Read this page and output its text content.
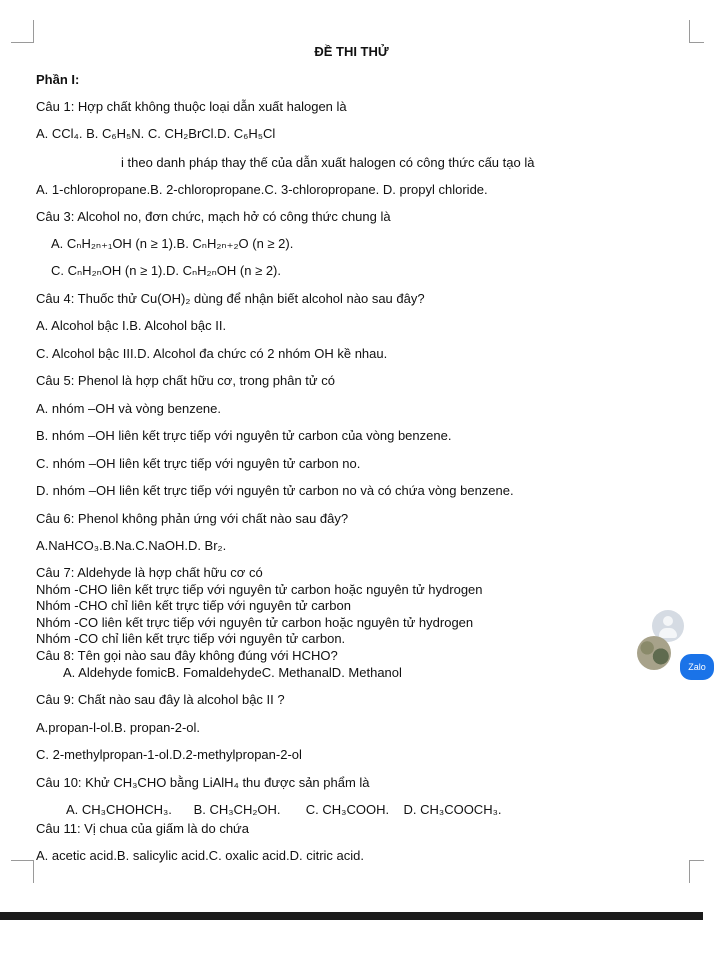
ĐỀ THI THỬ
Phần I:
Câu 1: Hợp chất không thuộc loại dẫn xuất halogen là
A. CCl₄. B. C₆H₅N. C. CH₂BrCl.D. C₆H₅Cl
i theo danh pháp thay thế của dẫn xuất halogen có công thức cấu tạo là
A. 1-chloropropane.B. 2-chloropropane.C. 3-chloropropane. D. propyl chloride.
Câu 3: Alcohol no, đơn chức, mạch hở có công thức chung là
A. CₙH₂ₙ₊₁OH (n ≥ 1).B. CₙH₂ₙ₊₂O (n ≥ 2).
C. CₙH₂ₙOH (n ≥ 1).D. CₙH₂ₙOH (n ≥ 2).
Câu 4: Thuốc thử Cu(OH)₂ dùng để nhận biết alcohol nào sau đây?
A. Alcohol bậc I.B. Alcohol bậc II.
C. Alcohol bậc III.D. Alcohol đa chức có 2 nhóm OH kề nhau.
Câu 5: Phenol là hợp chất hữu cơ, trong phân tử có
A. nhóm –OH và vòng benzene.
B. nhóm –OH liên kết trực tiếp với nguyên tử carbon của vòng benzene.
C. nhóm –OH liên kết trực tiếp với nguyên tử carbon no.
D. nhóm –OH liên kết trực tiếp với nguyên tử carbon no và có chứa vòng benzene.
Câu 6: Phenol không phản ứng với chất nào sau đây?
A.NaHCO₃.B.Na.C.NaOH.D. Br₂.
Câu 7: Aldehyde là hợp chất hữu cơ có
Nhóm -CHO liên kết trực tiếp với nguyên tử carbon hoặc nguyên tử hydrogen
Nhóm -CHO chỉ liên kết trực tiếp với nguyên tử carbon
Nhóm -CO liên kết trực tiếp với nguyên tử carbon hoặc nguyên tử hydrogen
Nhóm -CO chỉ liên kết trực tiếp với nguyên tử carbon.
Câu 8: Tên gọi nào sau đây không đúng với HCHO?
A. Aldehyde fomicB. FomaldehydeC. MethanalD. Methanol
Câu 9: Chất nào sau đây là alcohol bậc II ?
A.propan-l-ol.B. propan-2-ol.
C. 2-methylpropan-1-ol.D.2-methylpropan-2-ol
Câu 10: Khử CH₃CHO bằng LiAlH₄ thu được sản phẩm là
A. CH₃CHOHCH₃.      B. CH₃CH₂OH.       C. CH₃COOH.    D. CH₃COOCH₃.
Câu 11: Vị chua của giấm là do chứa
A. acetic acid.B. salicylic acid.C. oxalic acid.D. citric acid.
Zalo
